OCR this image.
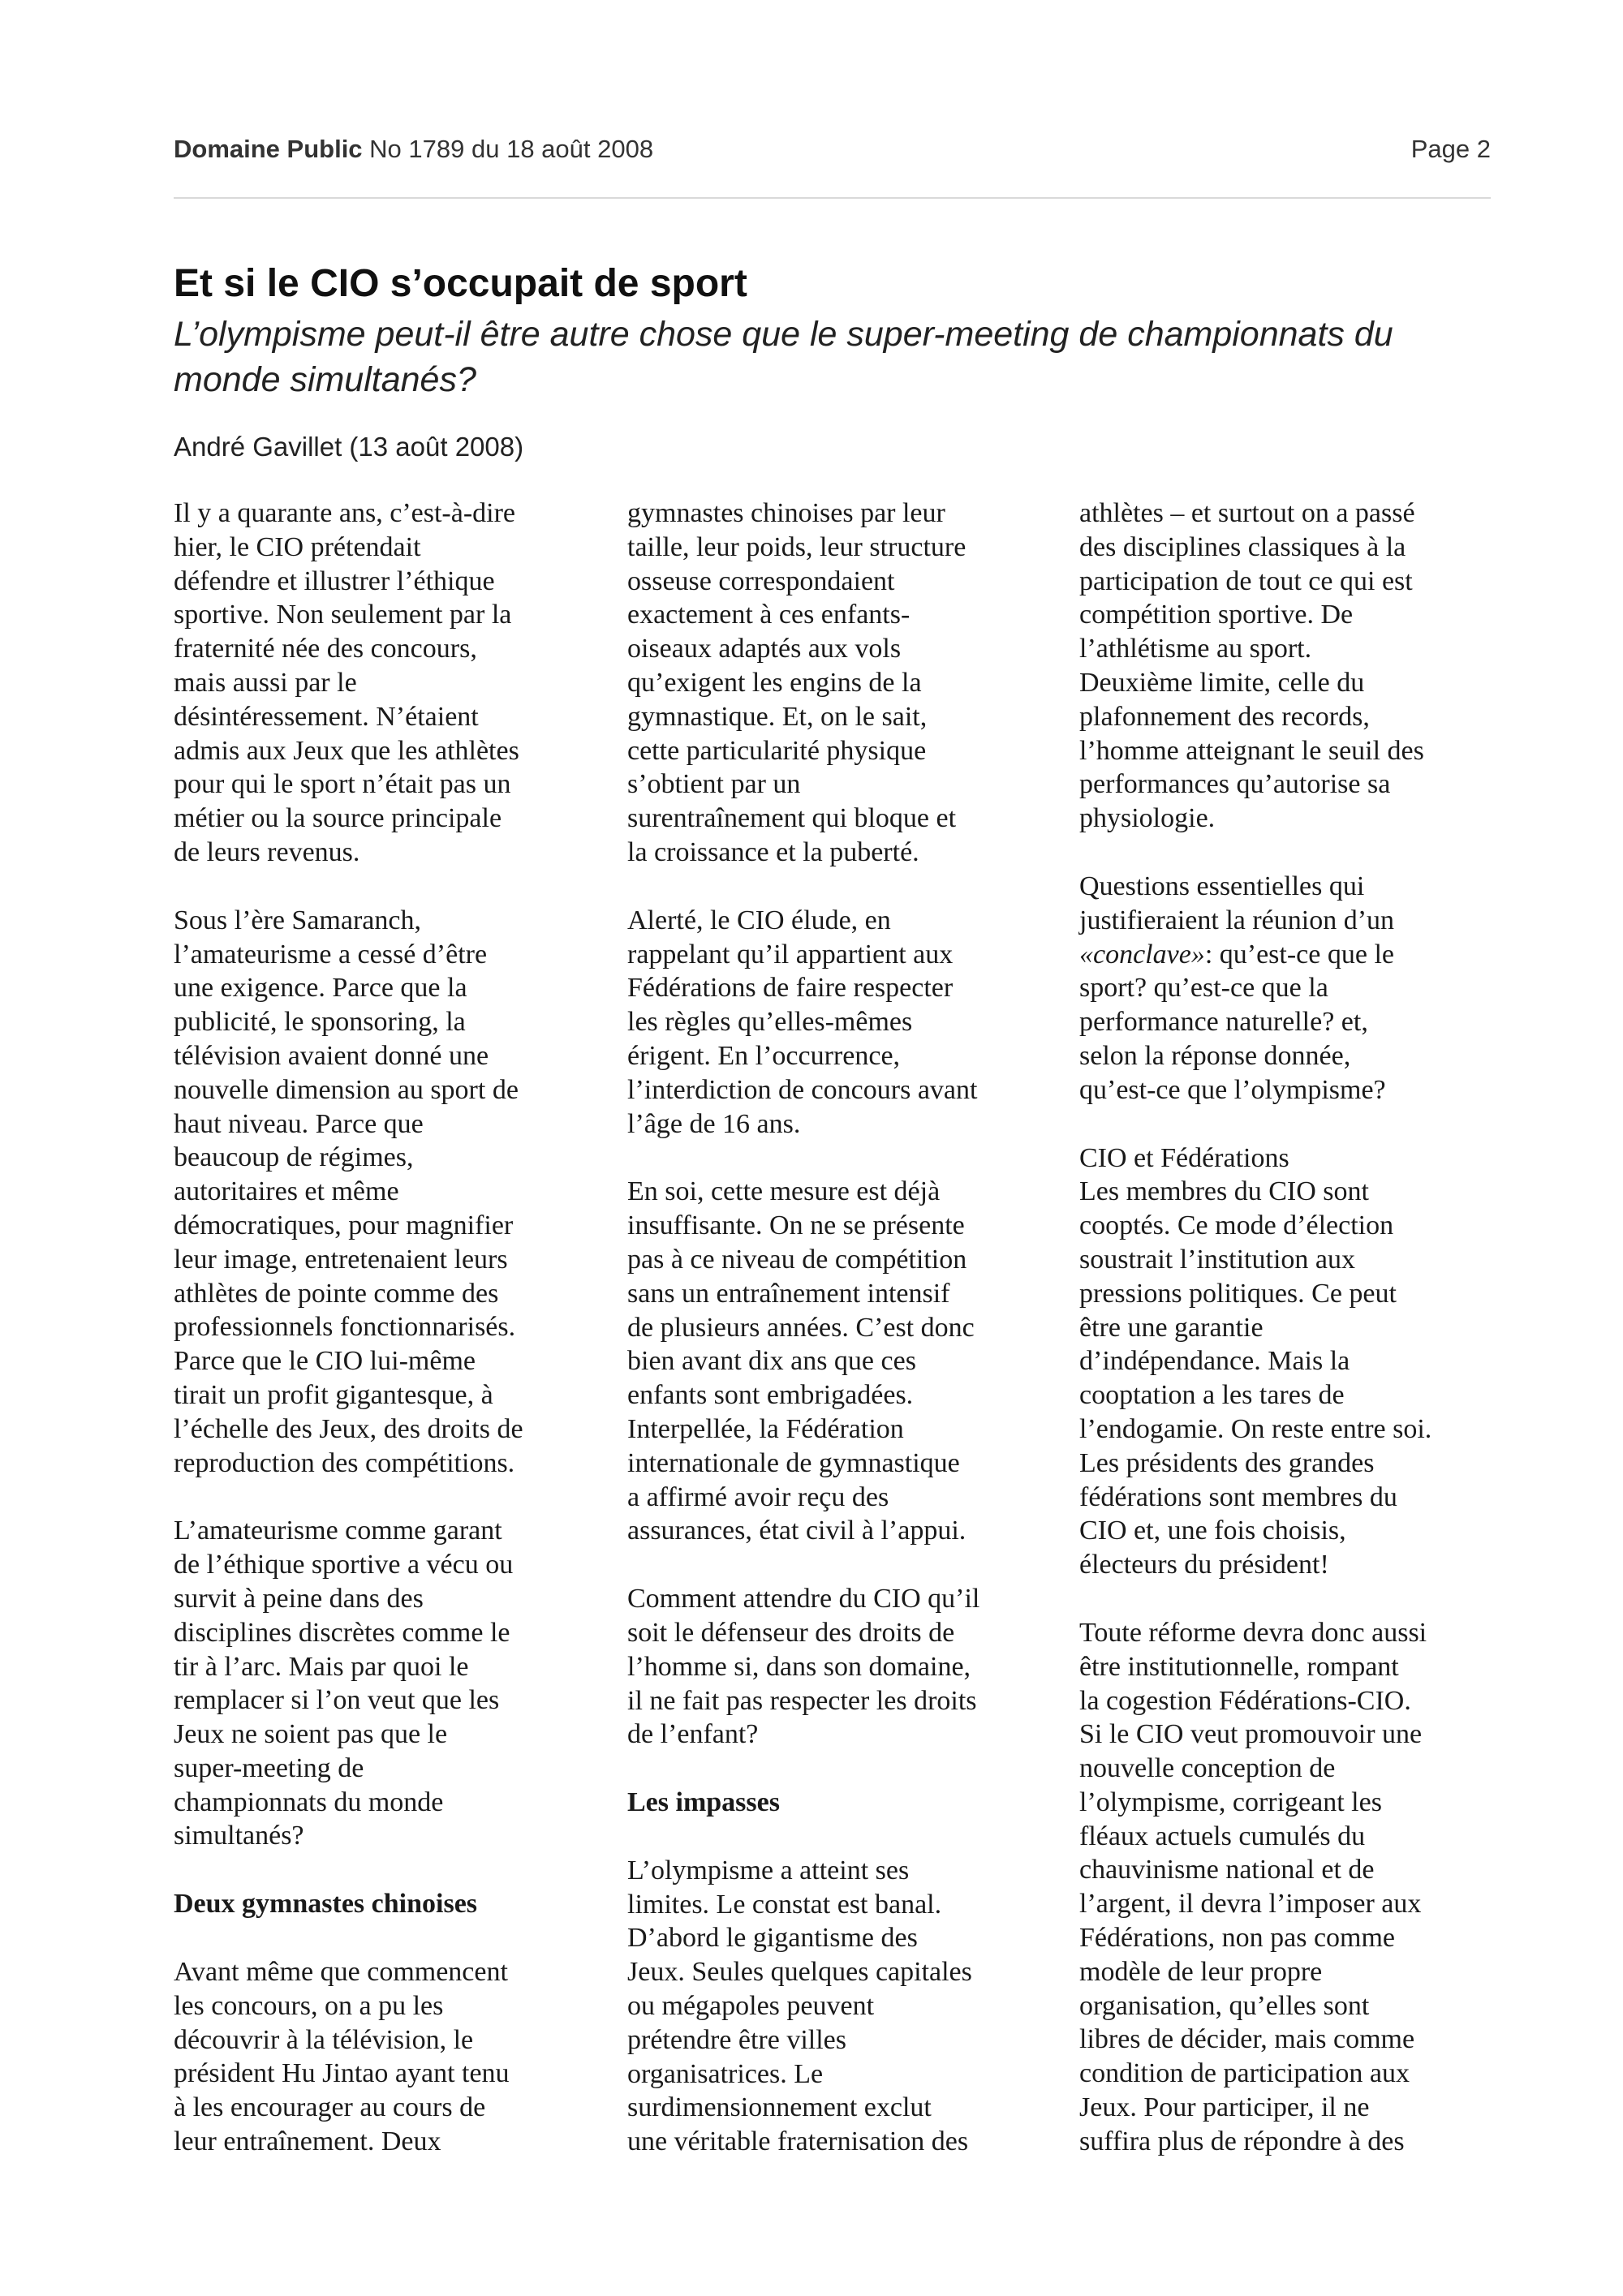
Domaine Public No 1789 du 18 août 2008	Page 2
Et si le CIO s’occupait de sport

L’olympisme peut-il être autre chose que le super-meeting de championnats du monde simultanés?

André Gavillet (13 août 2008)

Il y a quarante ans, c’est-à-dire
hier, le CIO prétendait
défendre et illustrer l’éthique
sportive. Non seulement par la
fraternité née des concours,
mais aussi par le
désintéressement. N’étaient
admis aux Jeux que les athlètes
pour qui le sport n’était pas un
métier ou la source principale
de leurs revenus.

Sous l’ère Samaranch,
l’amateurisme a cessé d’être
une exigence. Parce que la
publicité, le sponsoring, la
télévision avaient donné une
nouvelle dimension au sport de
haut niveau. Parce que
beaucoup de régimes,
autoritaires et même
démocratiques, pour magnifier
leur image, entretenaient leurs
athlètes de pointe comme des
professionnels fonctionnarisés.
Parce que le CIO lui-même
tirait un profit gigantesque, à
l’échelle des Jeux, des droits de
reproduction des compétitions.

L’amateurisme comme garant
de l’éthique sportive a vécu ou
survit à peine dans des
disciplines discrètes comme le
tir à l’arc. Mais par quoi le
remplacer si l’on veut que les
Jeux ne soient pas que le
super-meeting de
championnats du monde
simultanés?

Deux gymnastes chinoises

Avant même que commencent
les concours, on a pu les
découvrir à la télévision, le
président Hu Jintao ayant tenu
à les encourager au cours de
leur entraînement. Deux

gymnastes chinoises par leur
taille, leur poids, leur structure
osseuse correspondaient
exactement à ces enfants-
oiseaux adaptés aux vols
qu’exigent les engins de la
gymnastique. Et, on le sait,
cette particularité physique
s’obtient par un
surentraînement qui bloque et
la croissance et la puberté.

Alerté, le CIO élude, en
rappelant qu’il appartient aux
Fédérations de faire respecter
les règles qu’elles-mêmes
érigent. En l’occurrence,
l’interdiction de concours avant
l’âge de 16 ans.

En soi, cette mesure est déjà
insuffisante. On ne se présente
pas à ce niveau de compétition
sans un entraînement intensif
de plusieurs années. C’est donc
bien avant dix ans que ces
enfants sont embrigadées.
Interpellée, la Fédération
internationale de gymnastique
a affirmé avoir reçu des
assurances, état civil à l’appui.

Comment attendre du CIO qu’il
soit le défenseur des droits de
l’homme si, dans son domaine,
il ne fait pas respecter les droits
de l’enfant?

Les impasses

L’olympisme a atteint ses
limites. Le constat est banal.
D’abord le gigantisme des
Jeux. Seules quelques capitales
ou mégapoles peuvent
prétendre être villes
organisatrices. Le
surdimensionnement exclut
une véritable fraternisation des

athlètes – et surtout on a passé
des disciplines classiques à la
participation de tout ce qui est
compétition sportive. De
l’athlétisme au sport.
Deuxième limite, celle du
plafonnement des records,
l’homme atteignant le seuil des
performances qu’autorise sa
physiologie.

Questions essentielles qui
justifieraient la réunion d’un
«conclave»: qu’est-ce que le
sport? qu’est-ce que la
performance naturelle? et,
selon la réponse donnée,
qu’est-ce que l’olympisme?

CIO et Fédérations
Les membres du CIO sont
cooptés. Ce mode d’élection
soustrait l’institution aux
pressions politiques. Ce peut
être une garantie
d’indépendance. Mais la
cooptation a les tares de
l’endogamie. On reste entre soi.
Les présidents des grandes
fédérations sont membres du
CIO et, une fois choisis,
électeurs du président!

Toute réforme devra donc aussi
être institutionnelle, rompant
la cogestion Fédérations-CIO.
Si le CIO veut promouvoir une
nouvelle conception de
l’olympisme, corrigeant les
fléaux actuels cumulés du
chauvinisme national et de
l’argent, il devra l’imposer aux
Fédérations, non pas comme
modèle de leur propre
organisation, qu’elles sont
libres de décider, mais comme
condition de participation aux
Jeux. Pour participer, il ne
suffira plus de répondre à des
